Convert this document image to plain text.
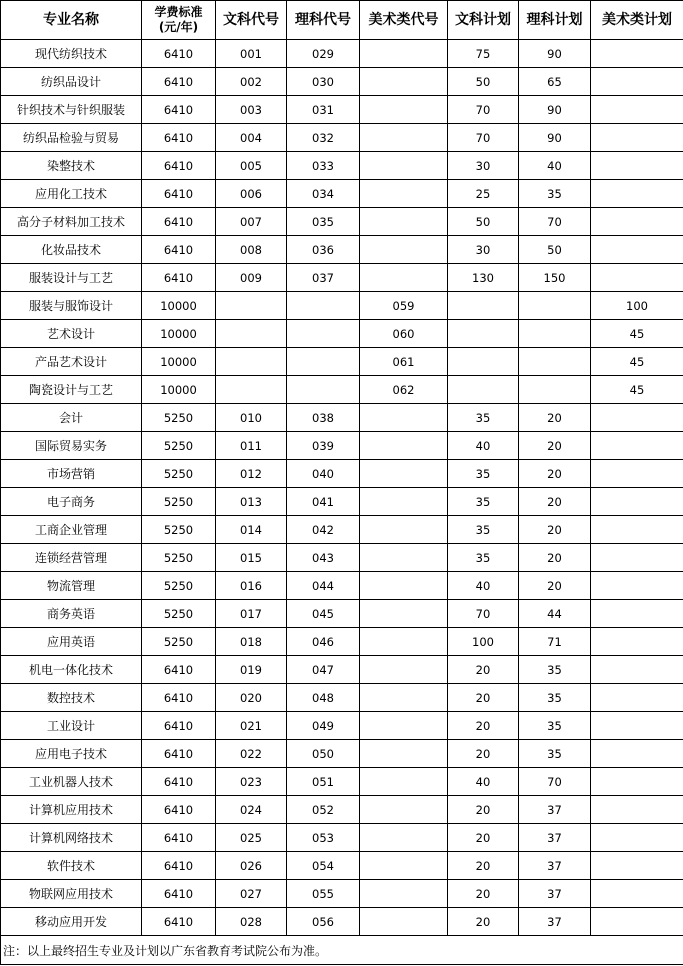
专业名称	学费标准
(元/年)	文科代号	理科代号	美术类代号	文科计划	理科计划	美术类计划
现代纺织技术	6410	001	029		75	90	
纺织品设计	6410	002	030		50	65	
针织技术与针织服装	6410	003	031		70	90	
纺织品检验与贸易	6410	004	032		70	90	
染整技术	6410	005	033		30	40	
应用化工技术	6410	006	034		25	35	
高分子材料加工技术	6410	007	035		50	70	
化妆品技术	6410	008	036		30	50	
服装设计与工艺	6410	009	037		130	150	
服装与服饰设计	10000			059			100
艺术设计	10000			060			45
产品艺术设计	10000			061			45
陶瓷设计与工艺	10000			062			45
会计	5250	010	038		35	20	
国际贸易实务	5250	011	039		40	20	
市场营销	5250	012	040		35	20	
电子商务	5250	013	041		35	20	
工商企业管理	5250	014	042		35	20	
连锁经营管理	5250	015	043		35	20	
物流管理	5250	016	044		40	20	
商务英语	5250	017	045		70	44	
应用英语	5250	018	046		100	71	
机电一体化技术	6410	019	047		20	35	
数控技术	6410	020	048		20	35	
工业设计	6410	021	049		20	35	
应用电子技术	6410	022	050		20	35	
工业机器人技术	6410	023	051		40	70	
计算机应用技术	6410	024	052		20	37	
计算机网络技术	6410	025	053		20	37	
软件技术	6410	026	054		20	37	
物联网应用技术	6410	027	055		20	37	
移动应用开发	6410	028	056		20	37	
注：以上最终招生专业及计划以广东省教育考试院公布为准。							
